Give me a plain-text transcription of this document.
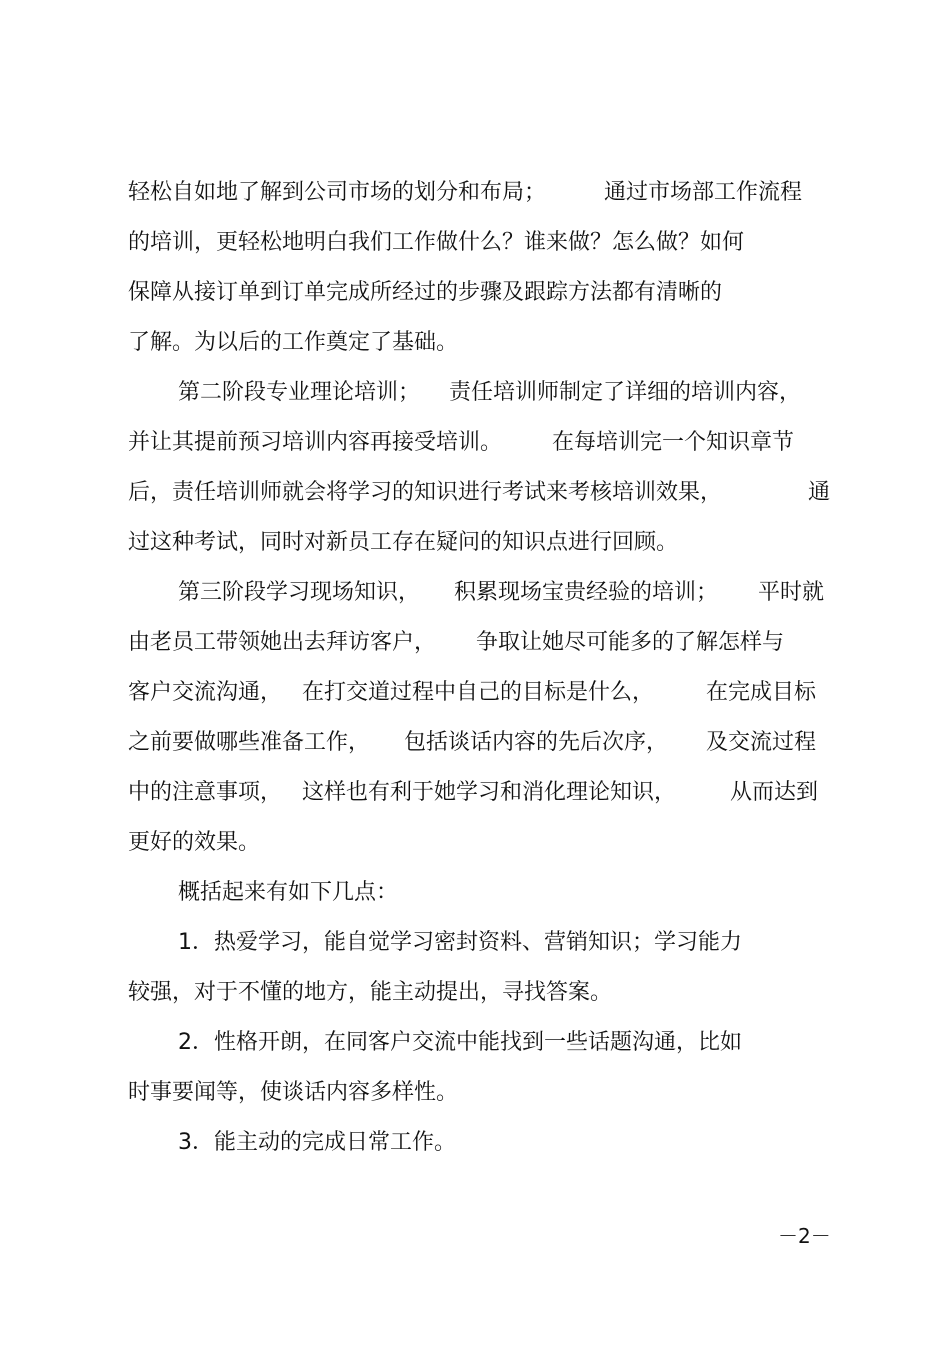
轻松自如地了解到公司市场的划分和布局；	通过市场部工作流程
的培训，更轻松地明白我们工作做什么？谁来做？怎么做？如何
保障从接订单到订单完成所经过的步骤及跟踪方法都有清晰的
了解。为以后的工作奠定了基础。
第二阶段专业理论培训； 责任培训师制定了详细的培训内容，
并让其提前预习培训内容再接受培训。 在每培训完一个知识章节
后，责任培训师就会将学习的知识进行考试来考核培训效果，	通
过这种考试，同时对新员工存在疑问的知识点进行回顾。
第三阶段学习现场知识， 积累现场宝贵经验的培训； 平时就
由老员工带领她出去拜访客户， 争取让她尽可能多的了解怎样与
客户交流沟通， 在打交道过程中自己的目标是什么， 在完成目标
之前要做哪些准备工作， 包括谈话内容的先后次序， 及交流过程
中的注意事项， 这样也有利于她学习和消化理论知识， 从而达到
更好的效果。
概括起来有如下几点：
1．热爱学习，能自觉学习密封资料、营销知识；学习能力
较强，对于不懂的地方，能主动提出，寻找答案。
2．性格开朗，在同客户交流中能找到一些话题沟通，比如
时事要闻等，使谈话内容多样性。
3．能主动的完成日常工作。
－2－
